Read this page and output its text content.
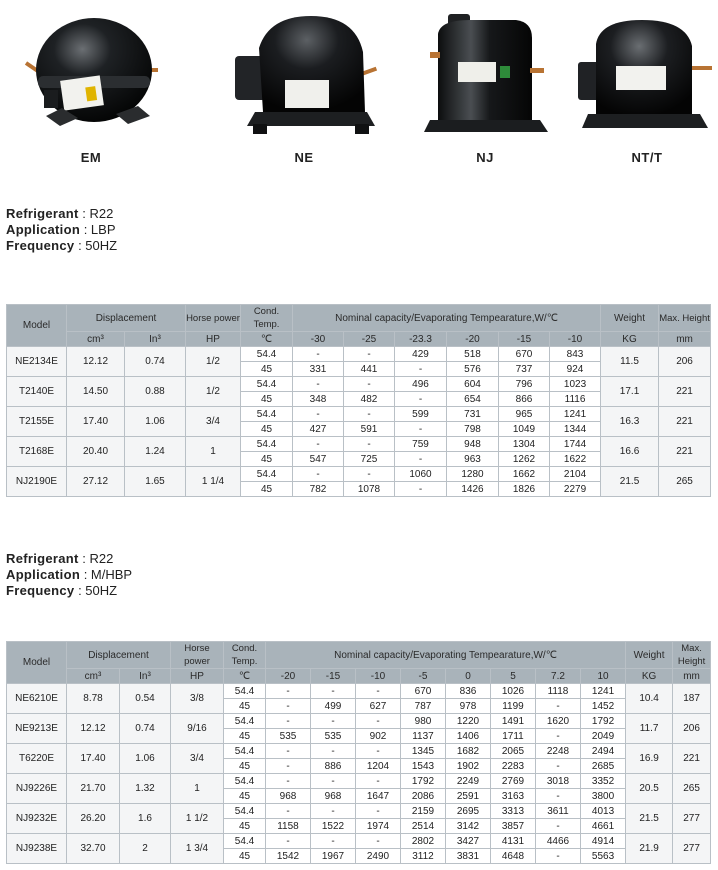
EM	NE	NJ	NT/T
Refrigerant : R22
Application : LBP
Frequency : 50HZ
Model	Displacement		Horse power	Cond. Temp.	Nominal capacity/Evaporating Tempearature,W/℃						Weight	Max. Height
	cm³	In³	HP	℃	-30	-25	-23.3	-20	-15	-10	KG	mm
NE2134E	12.12	0.74	1/2	54.4	-	-	429	518	670	843	11.5	206
				45	331	441	-	576	737	924		
T2140E	14.50	0.88	1/2	54.4	-	-	496	604	796	1023	17.1	221
				45	348	482	-	654	866	1116		
T2155E	17.40	1.06	3/4	54.4	-	-	599	731	965	1241	16.3	221
				45	427	591	-	798	1049	1344		
T2168E	20.40	1.24	1	54.4	-	-	759	948	1304	1744	16.6	221
				45	547	725	-	963	1262	1622		
NJ2190E	27.12	1.65	1 1/4	54.4	-	-	1060	1280	1662	2104	21.5	265
				45	782	1078	-	1426	1826	2279		
Refrigerant : R22
Application : M/HBP
Frequency : 50HZ
Model	Displacement		Horse power	Cond. Temp.	Nominal capacity/Evaporating Tempearature,W/℃								Weight	Max. Height
	cm³	In³	HP	℃	-20	-15	-10	-5	0	5	7.2	10	KG	mm
NE6210E	8.78	0.54	3/8	54.4	-	-	-	670	836	1026	1118	1241	10.4	187
				45	-	499	627	787	978	1199	-	1452		
NE9213E	12.12	0.74	9/16	54.4	-	-	-	980	1220	1491	1620	1792	11.7	206
				45	535	535	902	1137	1406	1711	-	2049		
T6220E	17.40	1.06	3/4	54.4	-	-	-	1345	1682	2065	2248	2494	16.9	221
				45	-	886	1204	1543	1902	2283	-	2685		
NJ9226E	21.70	1.32	1	54.4	-	-	-	1792	2249	2769	3018	3352	20.5	265
				45	968	968	1647	2086	2591	3163	-	3800		
NJ9232E	26.20	1.6	1 1/2	54.4	-	-	-	2159	2695	3313	3611	4013	21.5	277
				45	1158	1522	1974	2514	3142	3857	-	4661		
NJ9238E	32.70	2	1 3/4	54.4	-	-	-	2802	3427	4131	4466	4914	21.9	277
				45	1542	1967	2490	3112	3831	4648	-	5563		
